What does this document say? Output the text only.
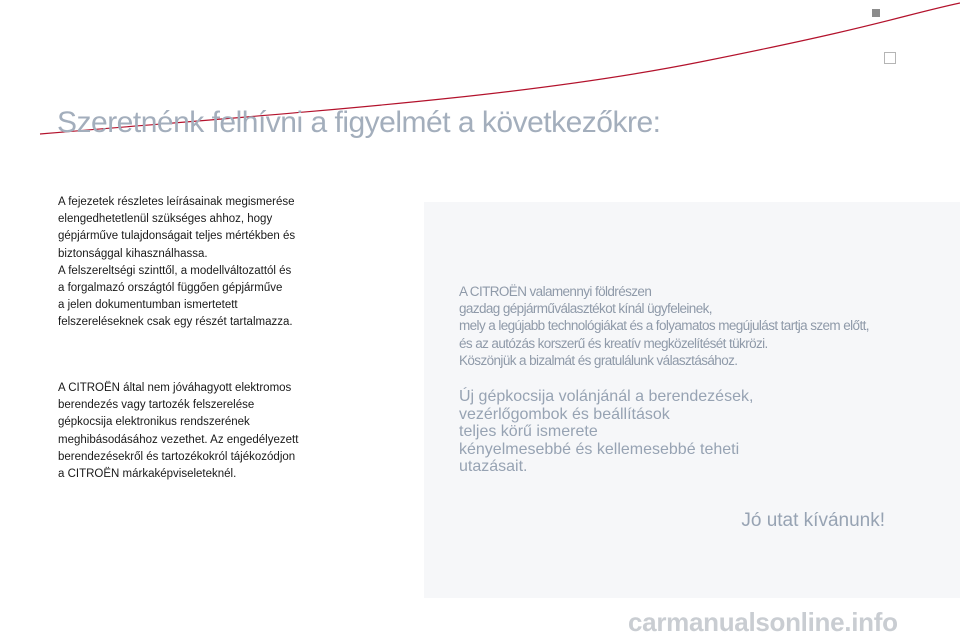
Szeretnénk felhívni a figyelmét a következőkre:
A fejezetek részletes leírásainak megismerése
elengedhetetlenül szükséges ahhoz, hogy
gépjárműve tulajdonságait teljes mértékben és
biztonsággal kihasználhassa.
A felszereltségi szinttől, a modellváltozattól és
a forgalmazó országtól függően gépjárműve
a jelen dokumentumban ismertetett
felszereléseknek csak egy részét tartalmazza.
A CITROËN által nem jóváhagyott elektromos
berendezés vagy tartozék felszerelése
gépkocsija elektronikus rendszerének
meghibásodásához vezethet. Az engedélyezett
berendezésekről és tartozékokról tájékozódjon
a CITROËN márkaképviseleteknél.
A CITROËN valamennyi földrészen
gazdag gépjárműválasztékot kínál ügyfeleinek,
mely a legújabb technológiákat és a folyamatos megújulást tartja szem előtt,
és az autózás korszerű és kreatív megközelítését tükrözi.
Köszönjük a bizalmát és gratulálunk választásához.
Új gépkocsija volánjánál a berendezések,
vezérlőgombok és beállítások
teljes körű ismerete
kényelmesebbé és kellemesebbé teheti
utazásait.
Jó utat kívánunk!
carmanualsonline.info
